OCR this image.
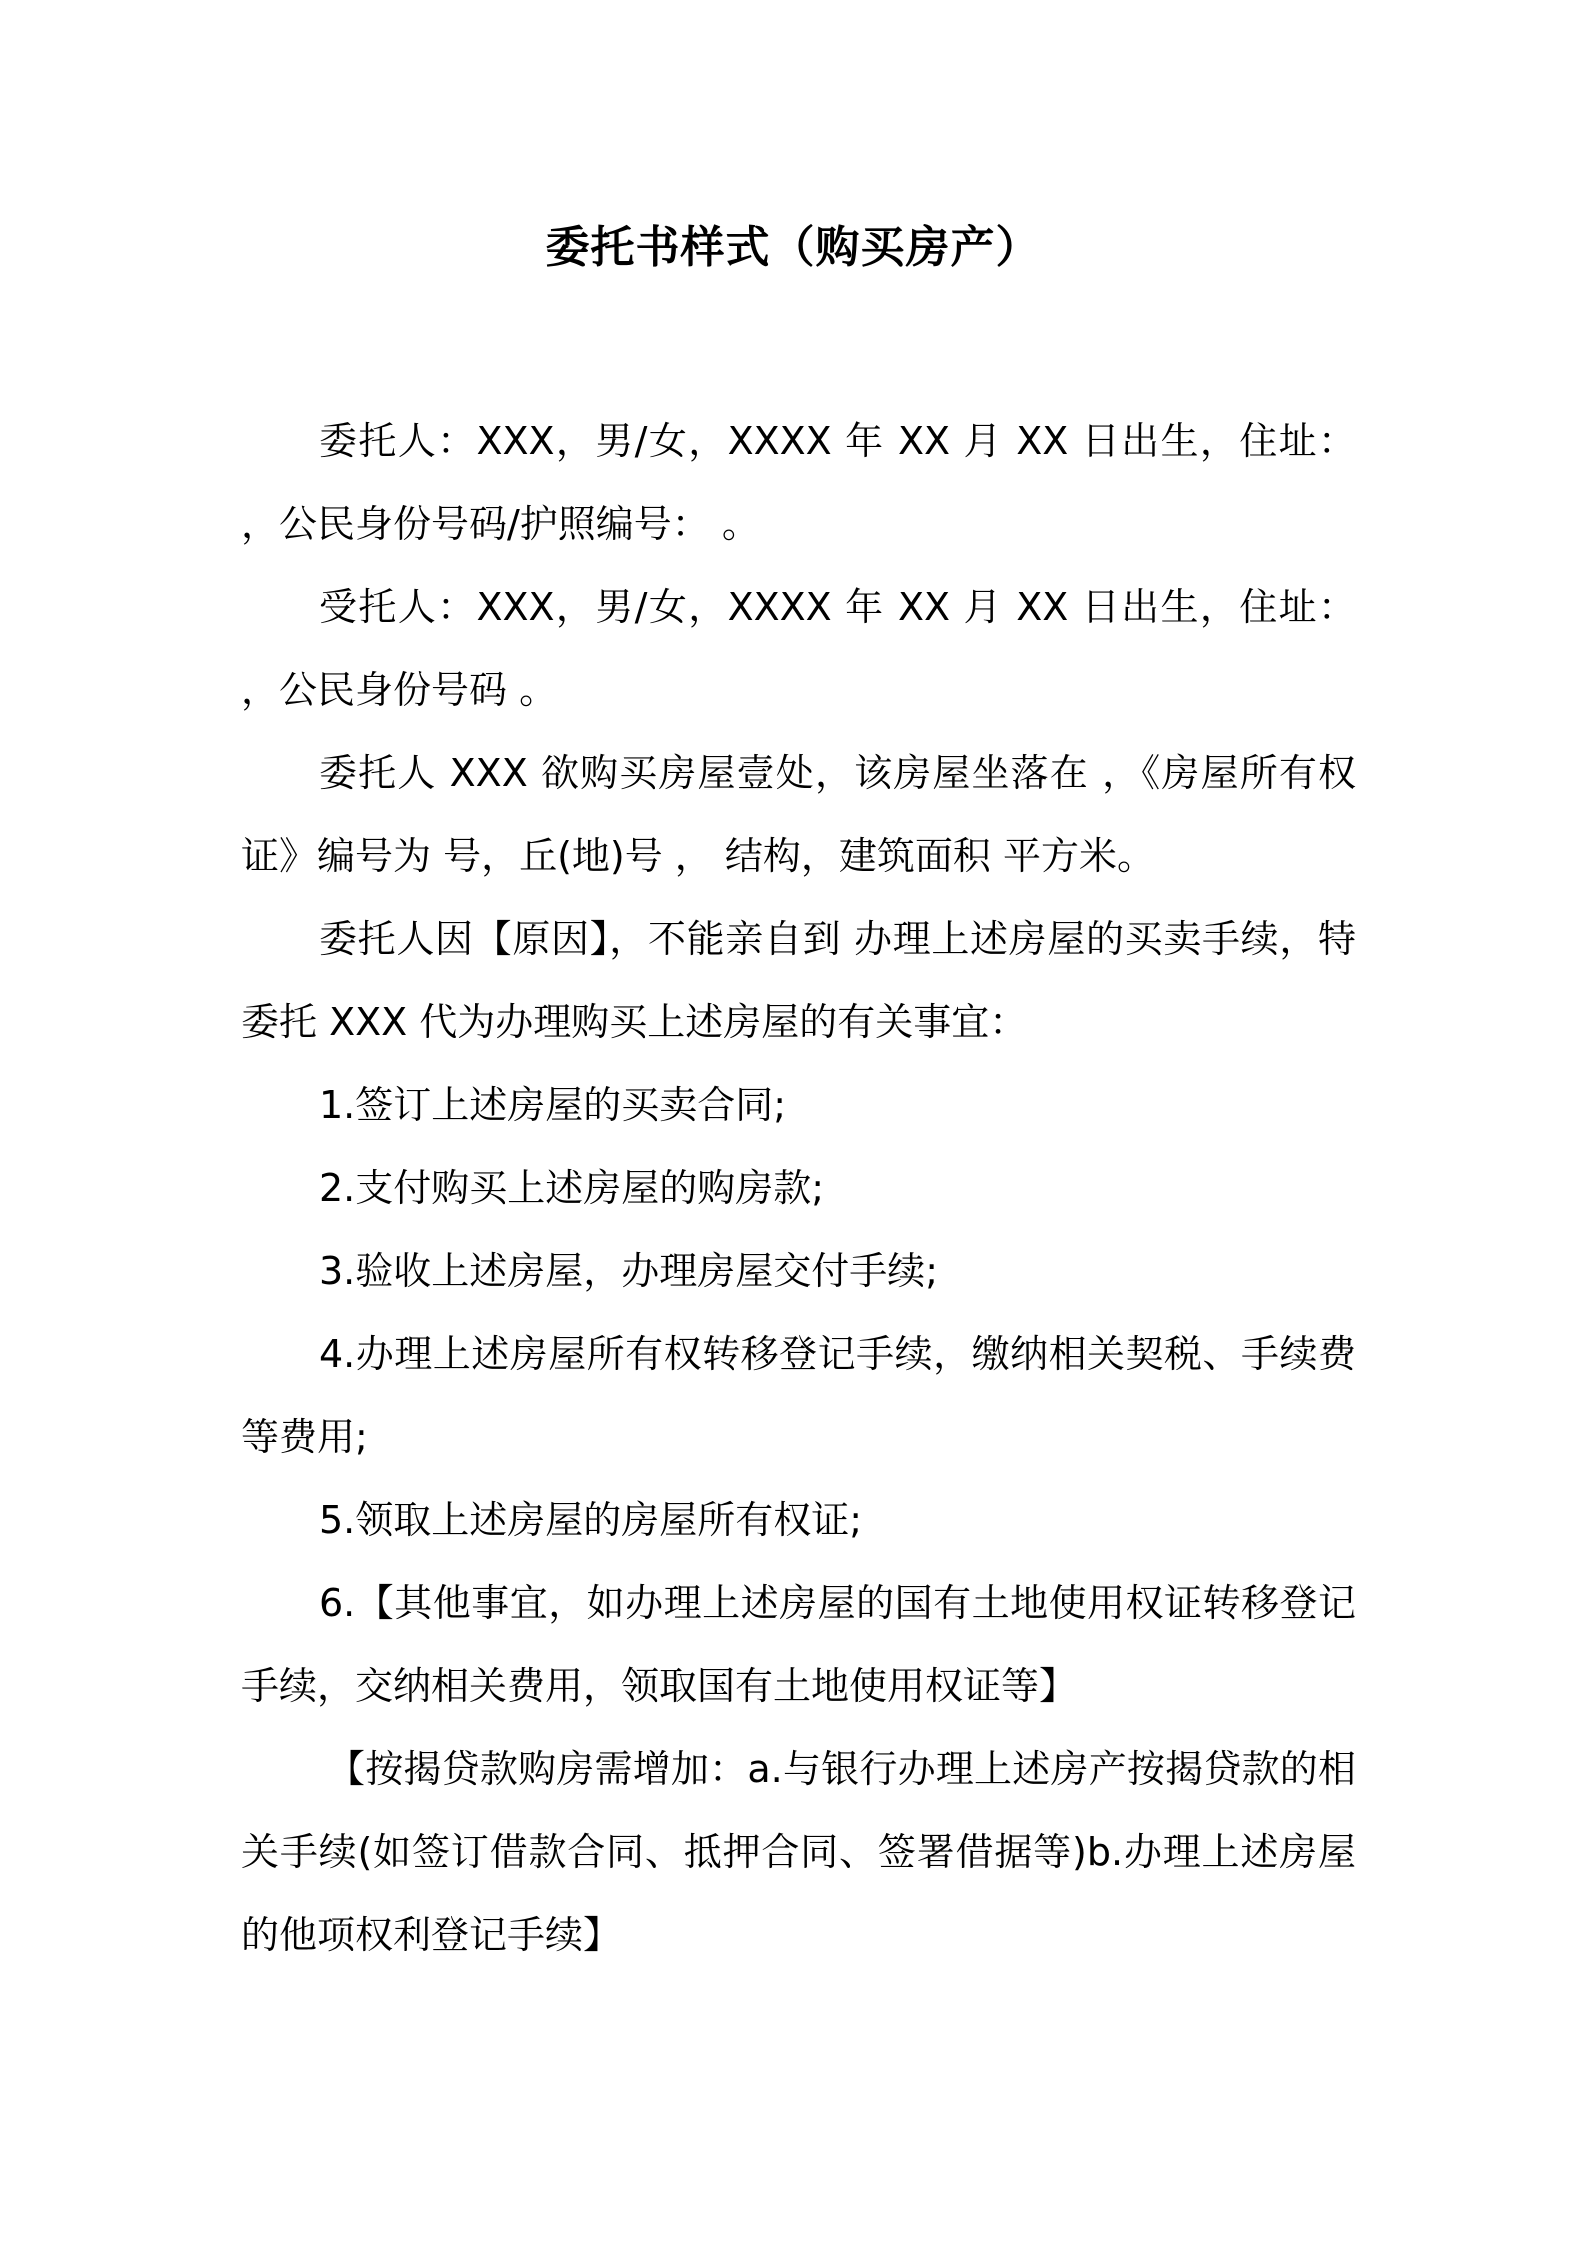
委托书样式（购买房产）

委托人：XXX，男/女，XXXX 年 XX 月 XX 日出生，住址： ，公民身份号码/护照编号： 。

受托人：XXX，男/女，XXXX 年 XX 月 XX 日出生，住址： ，公民身份号码 。

委托人 XXX 欲购买房屋壹处，该房屋坐落在 ，《房屋所有权证》编号为 号，丘(地)号 ， 结构，建筑面积 平方米。

委托人因【原因】，不能亲自到 办理上述房屋的买卖手续，特委托 XXX 代为办理购买上述房屋的有关事宜：

1.签订上述房屋的买卖合同;

2.支付购买上述房屋的购房款;

3.验收上述房屋，办理房屋交付手续;

4.办理上述房屋所有权转移登记手续，缴纳相关契税、手续费等费用;

5.领取上述房屋的房屋所有权证;

6.【其他事宜，如办理上述房屋的国有土地使用权证转移登记手续，交纳相关费用，领取国有土地使用权证等】

【按揭贷款购房需增加：a.与银行办理上述房产按揭贷款的相关手续(如签订借款合同、抵押合同、签署借据等)b.办理上述房屋的他项权利登记手续】
